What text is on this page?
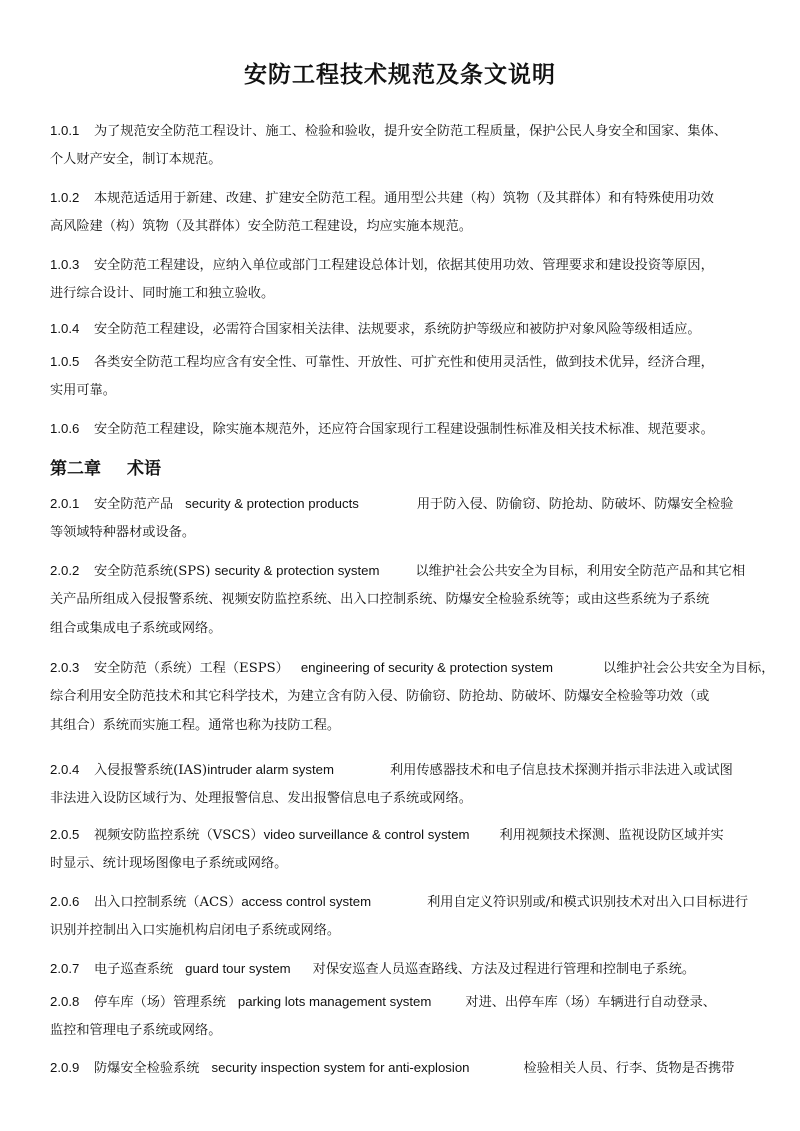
安防工程技术规范及条文说明
1.0.1 为了规范安全防范工程设计、施工、检验和验收，提升安全防范工程质量，保护公民人身安全和国家、集体、
个人财产安全，制订本规范。
1.0.2 本规范适适用于新建、改建、扩建安全防范工程。通用型公共建（构）筑物（及其群体）和有特殊使用功效
高风险建（构）筑物（及其群体）安全防范工程建设，均应实施本规范。
1.0.3 安全防范工程建设，应纳入单位或部门工程建设总体计划，依据其使用功效、管理要求和建设投资等原因，
进行综合设计、同时施工和独立验收。
1.0.4 安全防范工程建设，必需符合国家相关法律、法规要求，系统防护等级应和被防护对象风险等级相适应。
1.0.5 各类安全防范工程均应含有安全性、可靠性、开放性、可扩充性和使用灵活性，做到技术优异，经济合理，
实用可靠。
1.0.6 安全防范工程建设，除实施本规范外，还应符合国家现行工程建设强制性标准及相关技术标准、规范要求。
第二章 术语
2.0.1 安全防范产品 security & protection products	用于防入侵、防偷窃、防抢劫、防破坏、防爆安全检验
等领域特种器材或设备。
2.0.2 安全防范系统(SPS) security & protection system	以维护社会公共安全为目标，利用安全防范产品和其它相
关产品所组成入侵报警系统、视频安防监控系统、出入口控制系统、防爆安全检验系统等；或由这些系统为子系统
组合或集成电子系统或网络。
2.0.3 安全防范（系统）工程（ESPS） engineering of security & protection system	以维护社会公共安全为目标，
综合利用安全防范技术和其它科学技术，为建立含有防入侵、防偷窃、防抢劫、防破坏、防爆安全检验等功效（或
其组合）系统而实施工程。通常也称为技防工程。
2.0.4 入侵报警系统(IAS)intruder alarm system	利用传感器技术和电子信息技术探测并指示非法进入或试图
非法进入设防区域行为、处理报警信息、发出报警信息电子系统或网络。
2.0.5 视频安防监控系统（VSCS）video surveillance & control system 利用视频技术探测、监视设防区域并实
时显示、统计现场图像电子系统或网络。
2.0.6 出入口控制系统（ACS）access control system	利用自定义符识别或/和模式识别技术对出入口目标进行
识别并控制出入口实施机构启闭电子系统或网络。
2.0.7 电子巡查系统 guard tour system 对保安巡查人员巡查路线、方法及过程进行管理和控制电子系统。
2.0.8 停车库（场）管理系统 parking lots management system	对进、出停车库（场）车辆进行自动登录、
监控和管理电子系统或网络。
2.0.9 防爆安全检验系统 security inspection system for anti-explosion	检验相关人员、行李、货物是否携带
